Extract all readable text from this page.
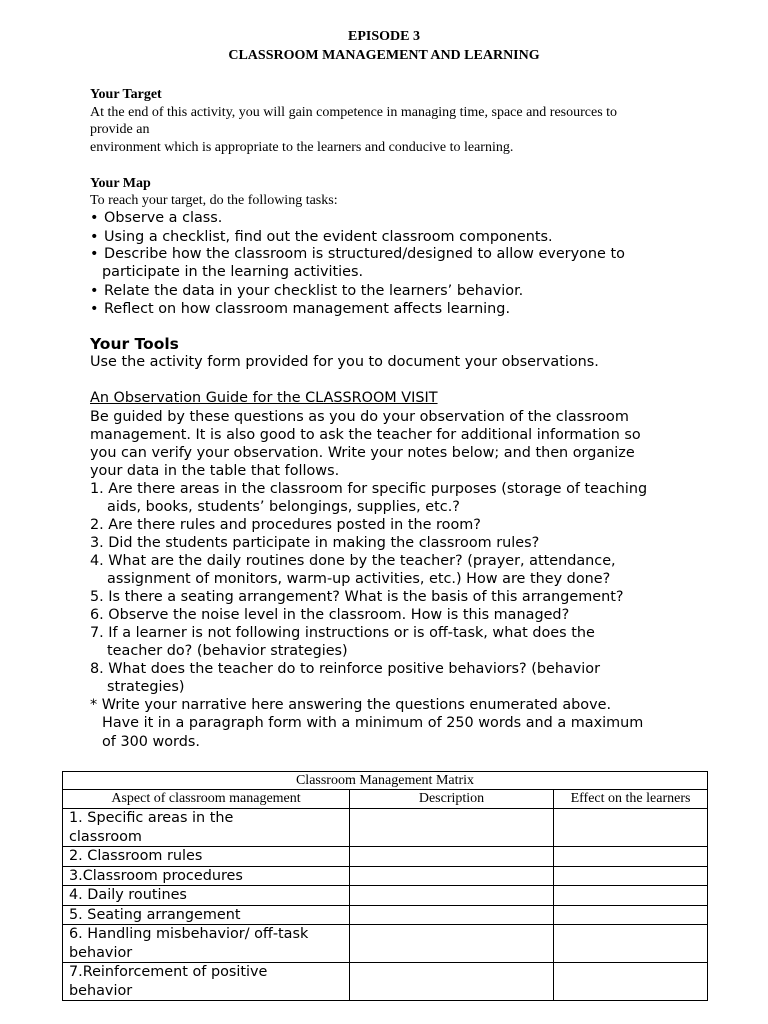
EPISODE 3
CLASSROOM MANAGEMENT AND LEARNING
Your Target
At the end of this activity, you will gain competence in managing time, space and resources to
provide an
environment which is appropriate to the learners and conducive to learning.
Your Map
To reach your target, do the following tasks:
• Observe a class.
• Using a checklist, find out the evident classroom components.
• Describe how the classroom is structured/designed to allow everyone to
participate in the learning activities.
• Relate the data in your checklist to the learners’ behavior.
• Reflect on how classroom management affects learning.
Your Tools
Use the activity form provided for you to document your observations.
An Observation Guide for the CLASSROOM VISIT
Be guided by these questions as you do your observation of the classroom
management. It is also good to ask the teacher for additional information so
you can verify your observation. Write your notes below; and then organize
your data in the table that follows.
1. Are there areas in the classroom for specific purposes (storage of teaching
aids, books, students’ belongings, supplies, etc.?
2. Are there rules and procedures posted in the room?
3. Did the students participate in making the classroom rules?
4. What are the daily routines done by the teacher? (prayer, attendance,
assignment of monitors, warm-up activities, etc.) How are they done?
5. Is there a seating arrangement? What is the basis of this arrangement?
6. Observe the noise level in the classroom. How is this managed?
7. If a learner is not following instructions or is off-task, what does the
teacher do? (behavior strategies)
8. What does the teacher do to reinforce positive behaviors? (behavior
strategies)
* Write your narrative here answering the questions enumerated above.
Have it in a paragraph form with a minimum of 250 words and a maximum
of 300 words.
Classroom Management Matrix		
Aspect of classroom management	Description	Effect on the learners
1. Specific areas in the
classroom		
2. Classroom rules		
3.Classroom procedures		
4. Daily routines		
5. Seating arrangement		
6. Handling misbehavior/ off-task
behavior		
7.Reinforcement of positive
behavior		
